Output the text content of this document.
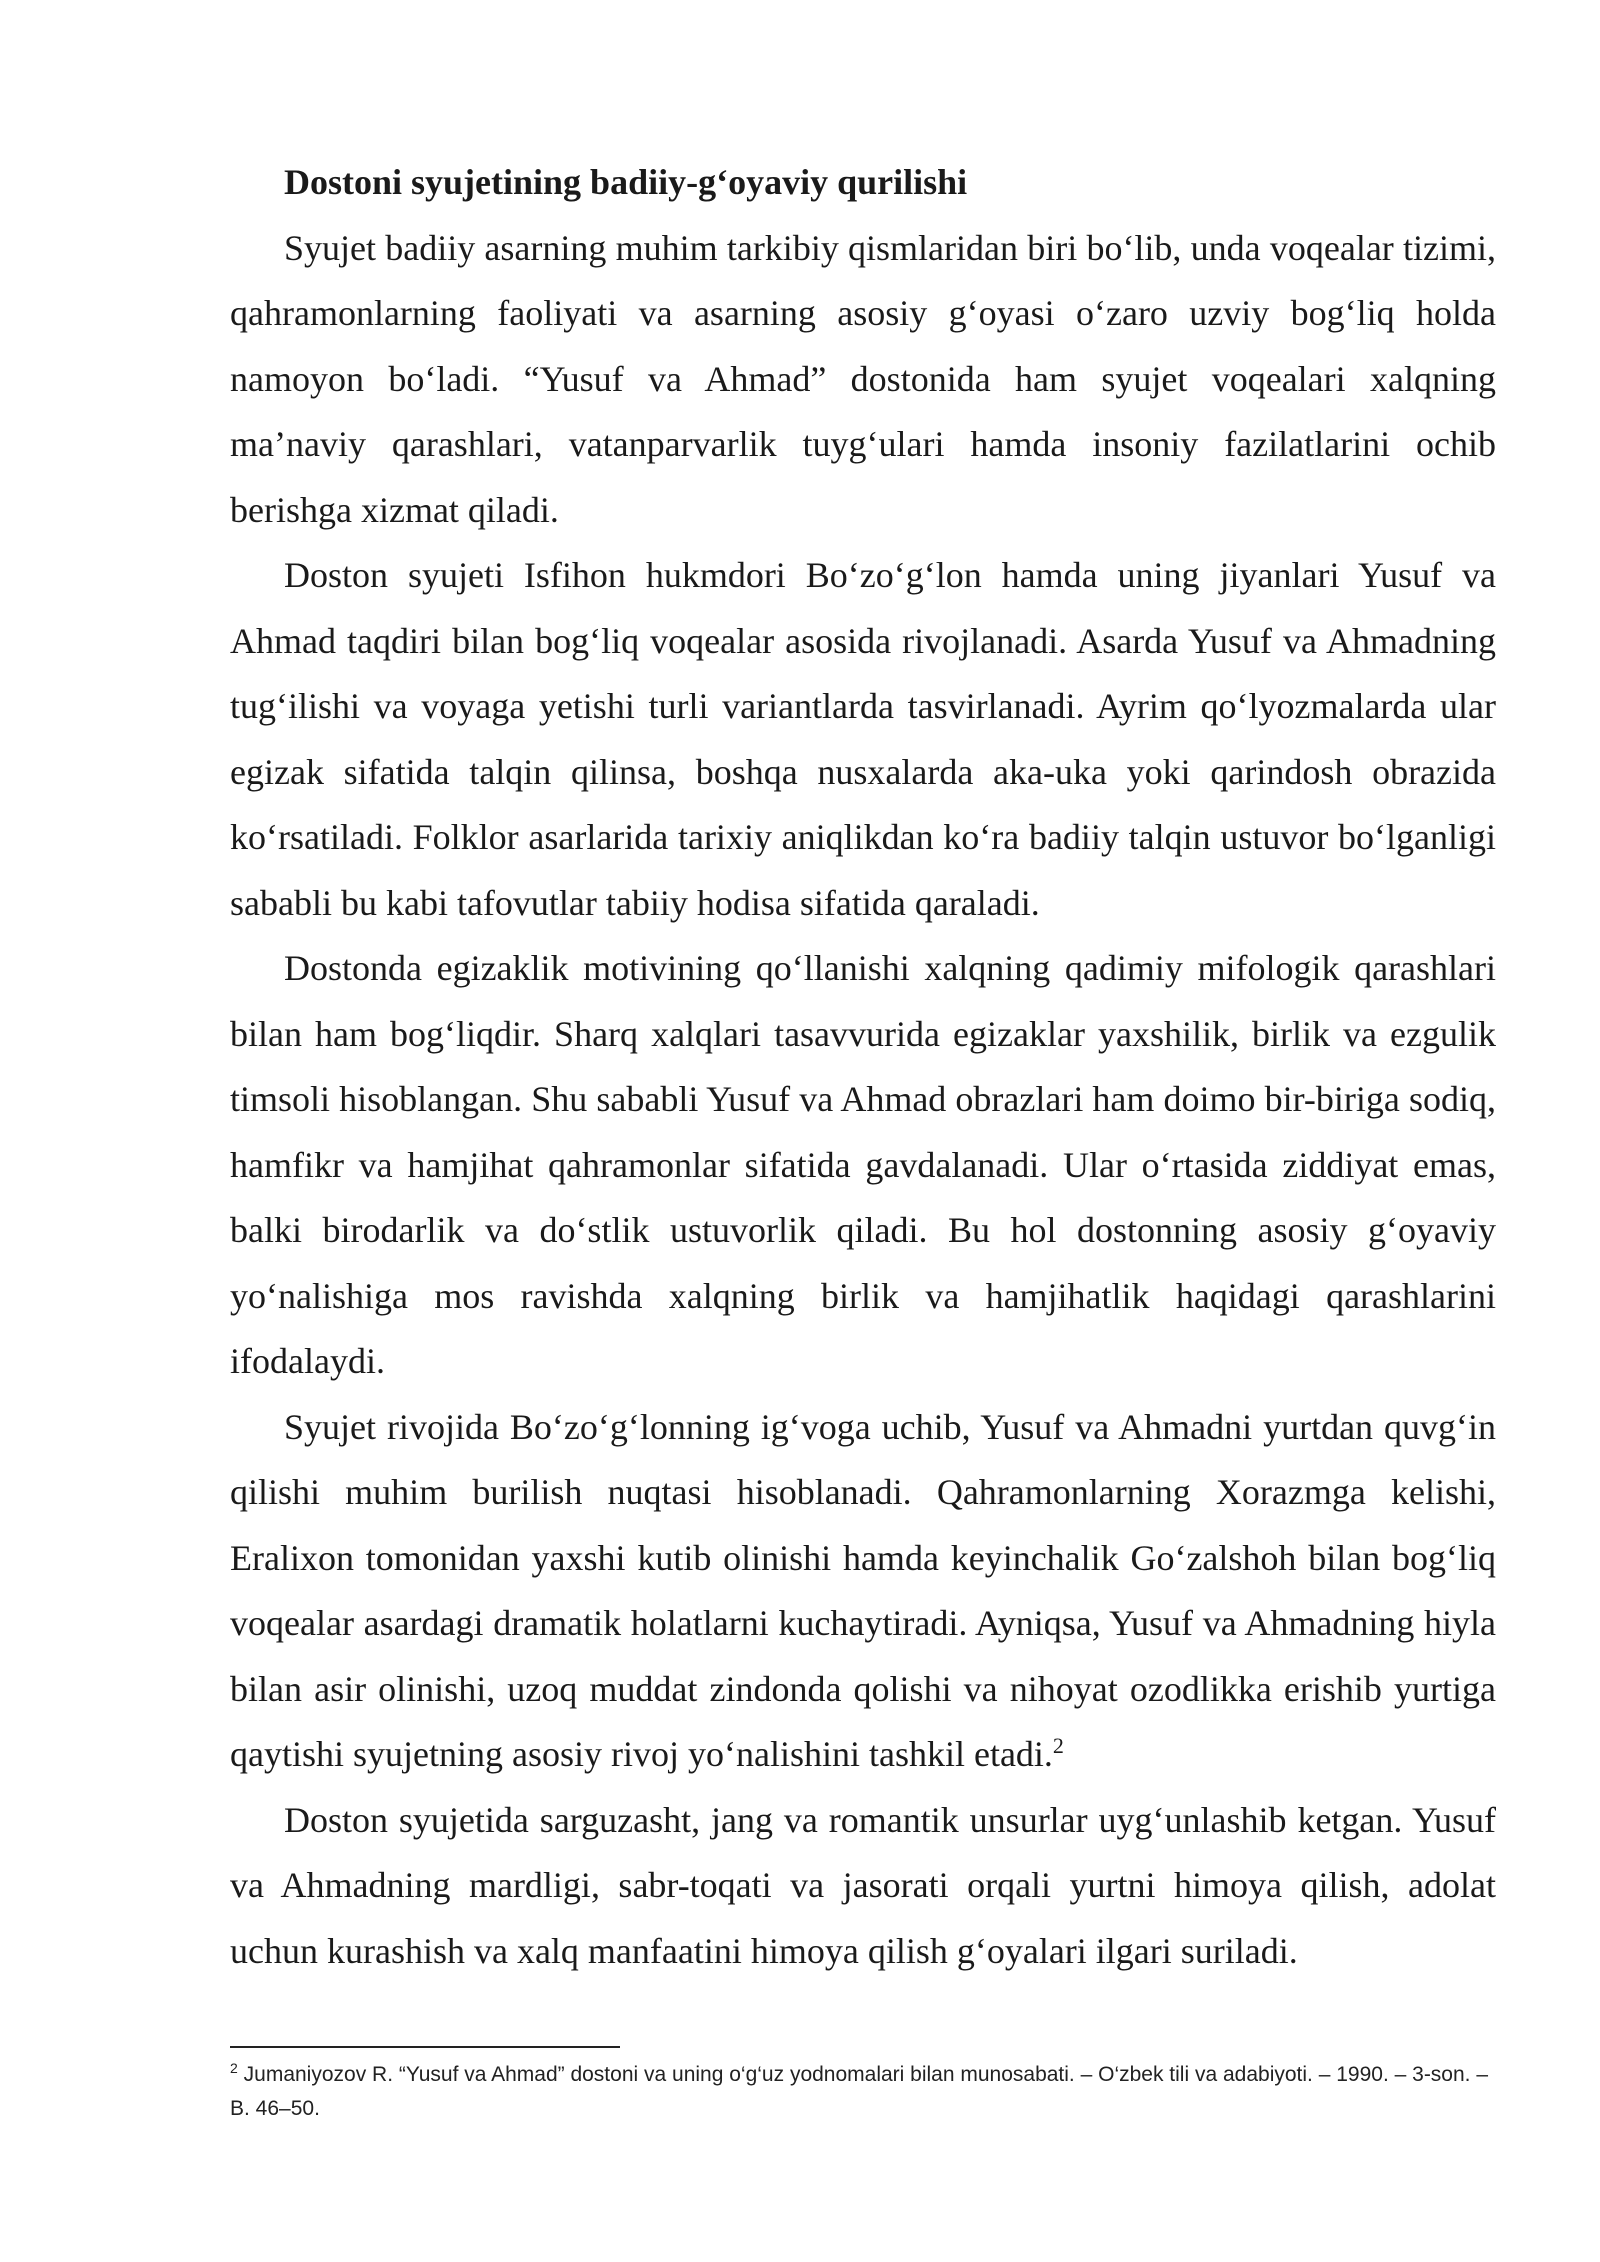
Dostoni syujetining badiiy-g‘oyaviy qurilishi

Syujet badiiy asarning muhim tarkibiy qismlaridan biri bo‘lib, unda voqealar tizimi, qahramonlarning faoliyati va asarning asosiy g‘oyasi o‘zaro uzviy bog‘liq holda namoyon bo‘ladi. “Yusuf va Ahmad” dostonida ham syujet voqealari xalqning ma’naviy qarashlari, vatanparvarlik tuyg‘ulari hamda insoniy fazilatlarini ochib berishga xizmat qiladi.

Doston syujeti Isfihon hukmdori Bo‘zo‘g‘lon hamda uning jiyanlari Yusuf va Ahmad taqdiri bilan bog‘liq voqealar asosida rivojlanadi. Asarda Yusuf va Ahmadning tug‘ilishi va voyaga yetishi turli variantlarda tasvirlanadi. Ayrim qo‘lyozmalarda ular egizak sifatida talqin qilinsa, boshqa nusxalarda aka-uka yoki qarindosh obrazida ko‘rsatiladi. Folklor asarlarida tarixiy aniqlikdan ko‘ra badiiy talqin ustuvor bo‘lganligi sababli bu kabi tafovutlar tabiiy hodisa sifatida qaraladi.

Dostonda egizaklik motivining qo‘llanishi xalqning qadimiy mifologik qarashlari bilan ham bog‘liqdir. Sharq xalqlari tasavvurida egizaklar yaxshilik, birlik va ezgulik timsoli hisoblangan. Shu sababli Yusuf va Ahmad obrazlari ham doimo bir-biriga sodiq, hamfikr va hamjihat qahramonlar sifatida gavdalanadi. Ular o‘rtasida ziddiyat emas, balki birodarlik va do‘stlik ustuvorlik qiladi. Bu hol dostonning asosiy g‘oyaviy yo‘nalishiga mos ravishda xalqning birlik va hamjihatlik haqidagi qarashlarini ifodalaydi.

Syujet rivojida Bo‘zo‘g‘lonning ig‘voga uchib, Yusuf va Ahmadni yurtdan quvg‘in qilishi muhim burilish nuqtasi hisoblanadi. Qahramonlarning Xorazmga kelishi, Eralixon tomonidan yaxshi kutib olinishi hamda keyinchalik Go‘zalshoh bilan bog‘liq voqealar asardagi dramatik holatlarni kuchaytiradi. Ayniqsa, Yusuf va Ahmadning hiyla bilan asir olinishi, uzoq muddat zindonda qolishi va nihoyat ozodlikka erishib yurtiga qaytishi syujetning asosiy rivoj yo‘nalishini tashkil etadi.$^2$

Doston syujetida sarguzasht, jang va romantik unsurlar uyg‘unlashib ketgan. Yusuf va Ahmadning mardligi, sabr-toqati va jasorati orqali yurtni himoya qilish, adolat uchun kurashish va xalq manfaatini himoya qilish g‘oyalari ilgari suriladi.

$^2$ Jumaniyozov R. “Yusuf va Ahmad” dostoni va uning o‘g‘uz yodnomalari bilan munosabati. – O‘zbek tili va adabiyoti. – 1990. – 3-son. – B. 46–50.
